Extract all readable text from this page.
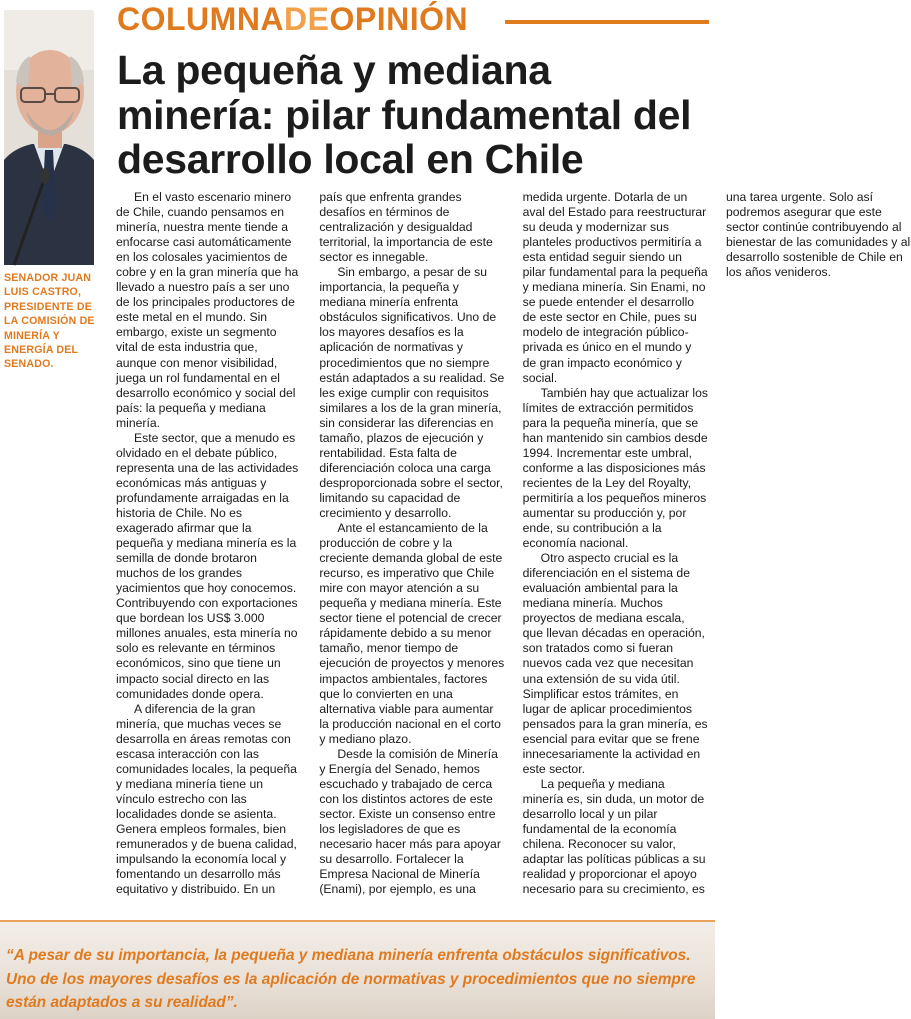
SENADOR JUAN LUIS CASTRO, PRESIDENTE DE LA COMISIÓN DE MINERÍA Y ENERGÍA DEL SENADO.
COLUMNADEOPINIÓN
La pequeña y mediana
minería: pilar fundamental del
desarrollo local en Chile

En el vasto escenario minero de Chile, cuando pensamos en minería, nuestra mente tiende a enfocarse casi automáticamente en los colosales yacimientos de cobre y en la gran minería que ha llevado a nuestro país a ser uno de los principales productores de este metal en el mundo. Sin embargo, existe un segmento vital de esta industria que, aunque con menor visibilidad, juega un rol fundamental en el desarrollo económico y social del país: la pequeña y mediana minería.

Este sector, que a menudo es olvidado en el debate público, representa una de las actividades económicas más antiguas y profundamente arraigadas en la historia de Chile. No es exagerado afirmar que la pequeña y mediana minería es la semilla de donde brotaron muchos de los grandes yacimientos que hoy conocemos. Contribuyendo con exportaciones que bordean los US$ 3.000 millones anuales, esta minería no solo es relevante en términos económicos, sino que tiene un impacto social directo en las comunidades donde opera.

A diferencia de la gran minería, que muchas veces se desarrolla en áreas remotas con escasa interacción con las comunidades locales, la pequeña y mediana minería tiene un vínculo estrecho con las localidades donde se asienta. Genera empleos formales, bien remunerados y de buena calidad, impulsando la economía local y fomentando un desarrollo más equitativo y distribuido. En un país que enfrenta grandes desafíos en términos de centralización y desigualdad territorial, la importancia de este sector es innegable.

Sin embargo, a pesar de su importancia, la pequeña y mediana minería enfrenta obstáculos significativos. Uno de los mayores desafíos es la aplicación de normativas y procedimientos que no siempre están adaptados a su realidad. Se les exige cumplir con requisitos similares a los de la gran minería, sin considerar las diferencias en tamaño, plazos de ejecución y rentabilidad. Esta falta de diferenciación coloca una carga desproporcionada sobre el sector, limitando su capacidad de crecimiento y desarrollo.

Ante el estancamiento de la producción de cobre y la creciente demanda global de este recurso, es imperativo que Chile mire con mayor atención a su pequeña y mediana minería. Este sector tiene el potencial de crecer rápidamente debido a su menor tamaño, menor tiempo de ejecución de proyectos y menores impactos ambientales, factores que lo convierten en una alternativa viable para aumentar la producción nacional en el corto y mediano plazo.

Desde la comisión de Minería y Energía del Senado, hemos escuchado y trabajado de cerca con los distintos actores de este sector. Existe un consenso entre los legisladores de que es necesario hacer más para apoyar su desarrollo. Fortalecer la Empresa Nacional de Minería (Enami), por ejemplo, es una medida urgente. Dotarla de un aval del Estado para reestructurar su deuda y modernizar sus planteles productivos permitiría a esta entidad seguir siendo un pilar fundamental para la pequeña y mediana minería. Sin Enami, no se puede entender el desarrollo de este sector en Chile, pues su modelo de integración público-privada es único en el mundo y de gran impacto económico y social.

También hay que actualizar los límites de extracción permitidos para la pequeña minería, que se han mantenido sin cambios desde 1994. Incrementar este umbral, conforme a las disposiciones más recientes de la Ley del Royalty, permitiría a los pequeños mineros aumentar su producción y, por ende, su contribución a la economía nacional.

Otro aspecto crucial es la diferenciación en el sistema de evaluación ambiental para la mediana minería. Muchos proyectos de mediana escala, que llevan décadas en operación, son tratados como si fueran nuevos cada vez que necesitan una extensión de su vida útil. Simplificar estos trámites, en lugar de aplicar procedimientos pensados para la gran minería, es esencial para evitar que se frene innecesariamente la actividad en este sector.

La pequeña y mediana minería es, sin duda, un motor de desarrollo local y un pilar fundamental de la economía chilena. Reconocer su valor, adaptar las políticas públicas a su realidad y proporcionar el apoyo necesario para su crecimiento, es una tarea urgente. Solo así podremos asegurar que este sector continúe contribuyendo al bienestar de las comunidades y al desarrollo sostenible de Chile en los años venideros.

“A pesar de su importancia, la pequeña y mediana minería enfrenta obstáculos significativos. Uno de los mayores desafíos es la aplicación de normativas y procedimientos que no siempre están adaptados a su realidad”.
